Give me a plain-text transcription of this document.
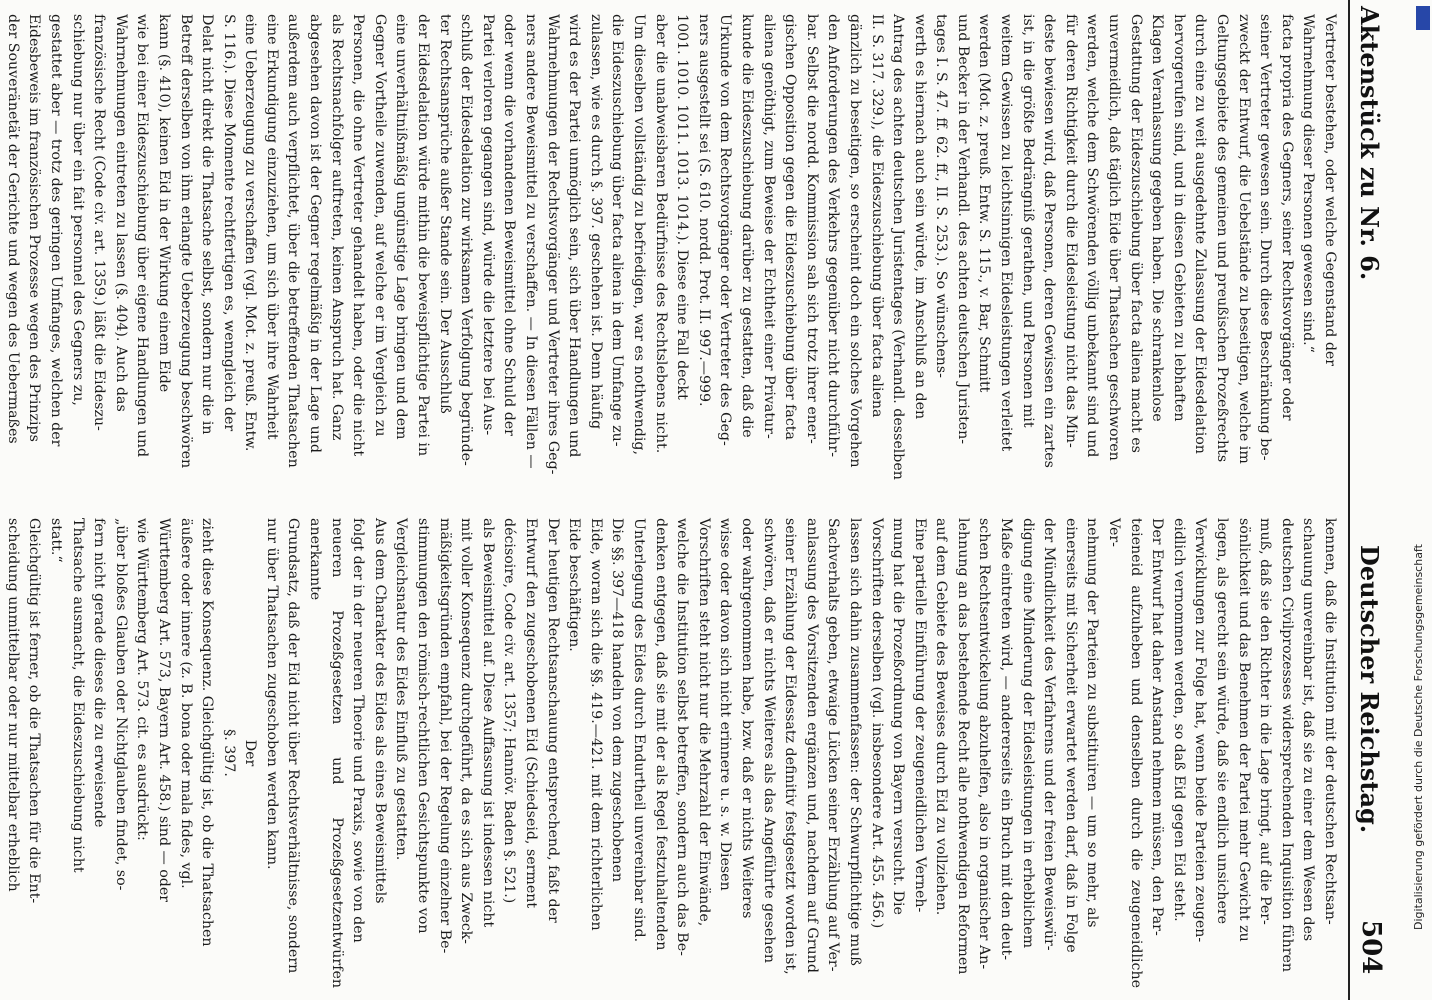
504
Deutscher Reichstag.
Aktenstück zu Nr. 6.

kennen, daß die Institution mit der deutschen Rechtsan-

schauung unvereinbar ist, daß sie zu einer dem Wesen des

deutschen Civilprozesses widersprechenden Inquisition führen

muß, daß sie den Richter in die Lage bringt, auf die Per-

sönlichkeit und das Benehmen der Partei mehr Gewicht zu

legen, als gerecht sein würde, daß sie endlich unsichere

Verwicklungen zur Folge hat, wenn beide Parteien zeugen-

eidlich vernommen werden, so daß Eid gegen Eid steht.

Der Entwurf hat daher Anstand nehmen müssen, den Par-

teieneid aufzuheben und denselben durch die zeugeneidliche Ver-

nehmung der Parteien zu substituiren — um so mehr, als

einerseits mit Sicherheit erwartet werden darf, daß in Folge

der Mündlichkeit des Verfahrens und der freien Beweiswür-

digung eine Minderung der Eidesleistungen in erheblichem

Maße eintreten wird, — andererseits ein Bruch mit den deut-

schen Rechtsentwickelung abzuhelfen, also in organischer An-

lehnung an das bestehende Recht alle nothwendigen Reformen

auf dem Gebiete des Beweises durch Eid zu vollziehen.

Eine partielle Einführung der zeugeneidlichen Verneh-

mung hat die Prozeßordnung von Bayern versucht. Die

Vorschriften derselben (vgl. insbesondere Art. 455. 456.)

lassen sich dahin zusammenfassen: der Schwurpflichtige muß

Sachverhalts geben, etwaige Lücken seiner Erzählung auf Ver-

anlassung des Vorsitzenden ergänzen und, nachdem auf Grund

seiner Erzählung der Eidessatz definitiv festgesetzt worden ist,

schwören, daß er nichts Weiteres als das Angeführte gesehen

oder wahrgenommen habe, bzw. daß er nichts Weiteres

wisse oder davon sich nicht erinnere u. s. w. Diesen

Vorschriften steht nicht nur die Mehrzahl der Einwände,

welche die Institution selbst betreffen, sondern auch das Be-

denken entgegen, daß sie mit der als Regel festzuhaltenden

Unterlegung des Eides durch Endurtheil unvereinbar sind.

Die §§. 397—418 handeln von dem zugeschobenen

Eide, woran sich die §§. 419.—421. mit dem richterlichen

Eide beschäftigen.

Der heutigen Rechtsanschauung entsprechend, faßt der

Entwurf den zugeschobenen Eid (Schiedseid, serment

décisoire, Code civ. art. 1357; Hannöv. Baden §. 521.)

als Beweismittel auf. Diese Auffassung ist indessen nicht

mit voller Konsequenz durchgeführt, da es sich aus Zweck-

mäßigkeitsgründen empfahl, bei der Regelung einzelner Be-

stimmungen den römisch-rechtlichen Gesichtspunkte von

Vergleichsnatur des Eides Einfluß zu gestatten.

Aus dem Charakter des Eides als eines Beweismittels

folgt der in der neueren Theorie und Praxis, sowie von den

neueren Prozeßgesetzen und Prozeßgesetzentwürfen anerkannte

Grundsatz, daß der Eid nicht über Rechtsverhältnisse, sondern

nur über Thatsachen zugeschoben werden kann.

Der

§. 397.

zieht diese Konsequenz. Gleichgültig ist, ob die Thatsachen

äußere oder innere (z. B. bona oder mala fides, vgl.

Württemberg Art. 573, Bayern Art. 458.) sind — oder

wie Württemberg Art. 573. cit. es ausdrückt:

„über bloßes Glauben oder Nichtglauben findet, so-

fern nicht gerade dieses die zu erweisende

Thatsache ausmacht, die Eideszuschiebung nicht

statt.“

Gleichgültig ist ferner, ob die Thatsachen für die Ent-

scheidung unmittelbar oder nur mittelbar erheblich

Vertreter bestehen, oder welche Gegenstand der

Wahrnehmung dieser Personen gewesen sind.“

facta propria des Gegners, seiner Rechtsvorgänger oder

seiner Vertreter gewesen sein. Durch diese Beschränkung be-

zweckt der Entwurf, die Uebelstände zu beseitigen, welche im

Geltungsgebiete des gemeinen und preußischen Prozeßrechts

durch eine zu weit ausgedehnte Zulassung der Eidesdelation

hervorgerufen sind, und in diesen Gebieten zu lebhaften

Klagen Veranlassung gegeben haben. Die schrankenlose

Gestattung der Eideszuschiebung über facta aliena macht es

unvermeidlich, daß täglich Eide über Thatsachen geschworen

werden, welche dem Schwörenden völlig unbekannt sind und

für deren Richtigkeit durch die Eidesleistung nicht das Min-

deste bewiesen wird, daß Personen, deren Gewissen ein zartes

ist, in die größte Bedrängniß gerathen, und Personen mit

weitem Gewissen zu leichtsinnigen Eidesleistungen verleitet

werden (Mot. z. preuß. Entw. S. 115., v. Bar, Schmitt

und Becker in der Verhandl. des achten deutschen Juristen-

tages I. S. 47. ff. 62. ff., II. S. 253.). So wünschens-

werth es hiernach auch sein würde, im Anschluß an den

Antrag des achten deutschen Juristentages (Verhandl. desselben

II. S. 317. 329.), die Eideszuschiebung über facta aliena

gänzlich zu beseitigen, so erscheint doch ein solches Vorgehen

den Anforderungen des Verkehrs gegenüber nicht durchführ-

bar. Selbst die nordd. Kommission sah sich trotz ihrer ener-

gischen Opposition gegen die Eideszuschiebung über facta

aliena genöthigt, zum Beweise der Echtheit einer Privatur-

kunde die Eideszuschiebung darüber zu gestatten, daß die

Urkunde von dem Rechtsvorgänger oder Vertreter des Geg-

ners ausgestellt sei (S. 610. nordd. Prot. II. 997.—999.

1001. 1010. 1011. 1013. 1014.). Diese eine Fall deckt

aber die unabweisbaren Bedürfnisse des Rechtslebens nicht.

Um dieselben vollständig zu befriedigen, war es nothwendig,

die Eideszuschiebung über facta aliena in dem Umfange zu-

zulassen, wie es durch §. 397. geschehen ist. Denn häufig

wird es der Partei unmöglich sein, sich über Handlungen und

Wahrnehmungen der Rechtsvorgänger und Vertreter ihres Geg-

ners andere Beweismittel zu verschaffen. — In diesen Fällen —

oder wenn die vorhandenen Beweismittel ohne Schuld der

Partei verloren gegangen sind, würde die letztere bei Aus-

schluß der Eidesdelation zur wirksamen Verfolgung begründe-

ter Rechtsansprüche außer Stande sein. Der Ausschluß

der Eidesdelation würde mithin die beweispflichtige Partei in

eine unverhältnißmäßig ungünstige Lage bringen und dem

Gegner Vortheile zuwenden, auf welche er im Vergleich zu

Personen, die ohne Vertreter gehandelt haben, oder die nicht

als Rechtsnachfolger auftreten, keinen Anspruch hat. Ganz

abgesehen davon ist der Gegner regelmäßig in der Lage und

außerdem auch verpflichtet, über die betreffenden Thatsachen

eine Erkundigung einzuziehen, um sich über ihre Wahrheit

eine Ueberzeugung zu verschaffen (vgl. Mot. z. preuß. Entw.

S. 116.). Diese Momente rechtfertigen es, wenngleich der

Delat nicht direkt die Thatsache selbst, sondern nur die in

Betreff derselben von ihm erlangte Ueberzeugung beschwören

kann (§. 410), keinen Eid in der Wirkung einem Eide

wie bei einer Eideszuschiebung über eigene Handlungen und

Wahrnehmungen eintreten zu lassen (§. 404). Auch das

französische Recht (Code civ. art. 1359.) läßt die Eideszu-

schiebung nur über ein fait personnel des Gegners zu,

gestattet aber — trotz des geringen Umfanges, welchen der

Eidesbeweis im französischen Prozesse wegen des Prinzips

der Souveränetät der Gerichte und wegen des Uebermaßes

Digitalisierung gefördert durch die Deutsche Forschungsgemeinschaft
